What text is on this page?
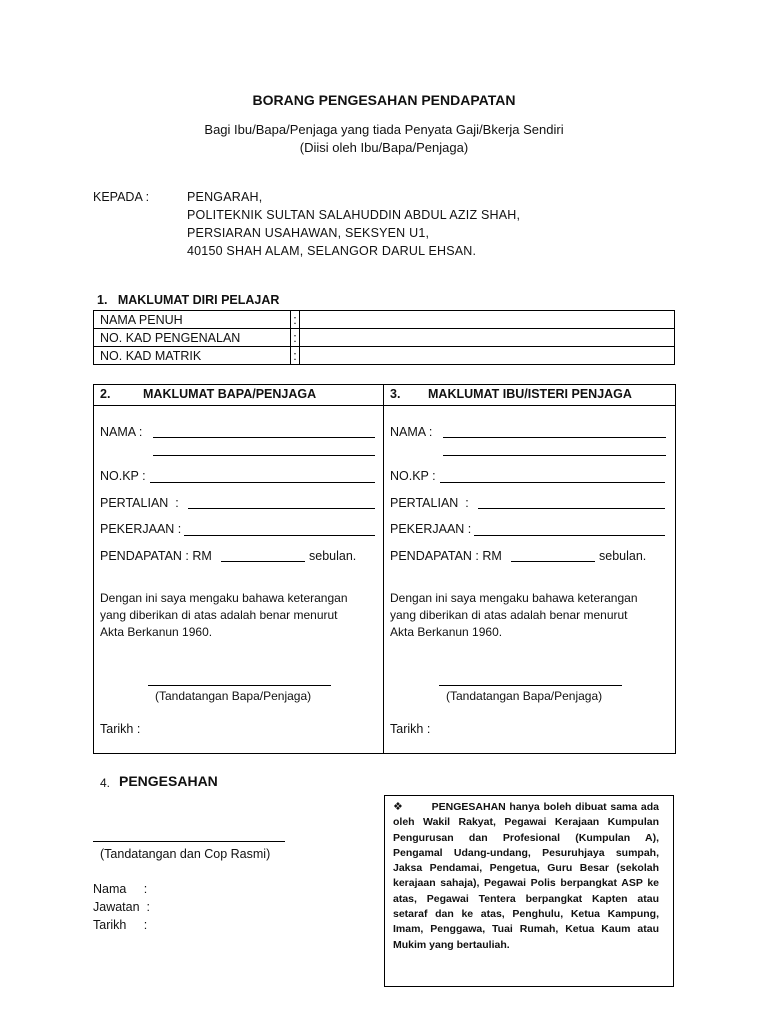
BORANG PENGESAHAN PENDAPATAN
Bagi Ibu/Bapa/Penjaga yang tiada Penyata Gaji/Bkerja Sendiri
(Diisi oleh Ibu/Bapa/Penjaga)
KEPADA :	PENGARAH,
POLITEKNIK SULTAN SALAHUDDIN ABDUL AZIZ SHAH,
PERSIARAN USAHAWAN, SEKSYEN U1,
40150 SHAH ALAM, SELANGOR DARUL EHSAN.
1.   MAKLUMAT DIRI PELAJAR
NAMA PENUH	:	
NO. KAD PENGENALAN	:	
NO. KAD MATRIK	:	
2.	MAKLUMAT BAPA/PENJAGA
NAMA :
NO.KP :
PERTALIAN  :
PEKERJAAN :
PENDAPATAN : RM	sebulan.
Dengan ini saya mengaku bahawa keterangan
yang diberikan di atas adalah benar menurut
Akta Berkanun 1960.
(Tandatangan Bapa/Penjaga)
Tarikh :
3. MAKLUMAT IBU/ISTERI PENJAGA
NAMA :
NO.KP :
PERTALIAN  :
PEKERJAAN :
PENDAPATAN : RM	sebulan.
Dengan ini saya mengaku bahawa keterangan
yang diberikan di atas adalah benar menurut
Akta Berkanun 1960.
(Tandatangan Bapa/Penjaga)
Tarikh :
4. PENGESAHAN
(Tandatangan dan Cop Rasmi)
Nama     :
Jawatan  :
Tarikh     :
❖	PENGESAHAN hanya boleh dibuat sama ada oleh Wakil Rakyat, Pegawai Kerajaan Kumpulan Pengurusan dan Profesional (Kumpulan A), Pengamal Udang-undang, Pesuruhjaya sumpah, Jaksa Pendamai, Pengetua, Guru Besar (sekolah kerajaan sahaja), Pegawai Polis berpangkat ASP ke atas, Pegawai Tentera berpangkat Kapten atau setaraf dan ke atas, Penghulu, Ketua Kampung, Imam, Penggawa, Tuai Rumah, Ketua Kaum atau Mukim yang bertauliah.
